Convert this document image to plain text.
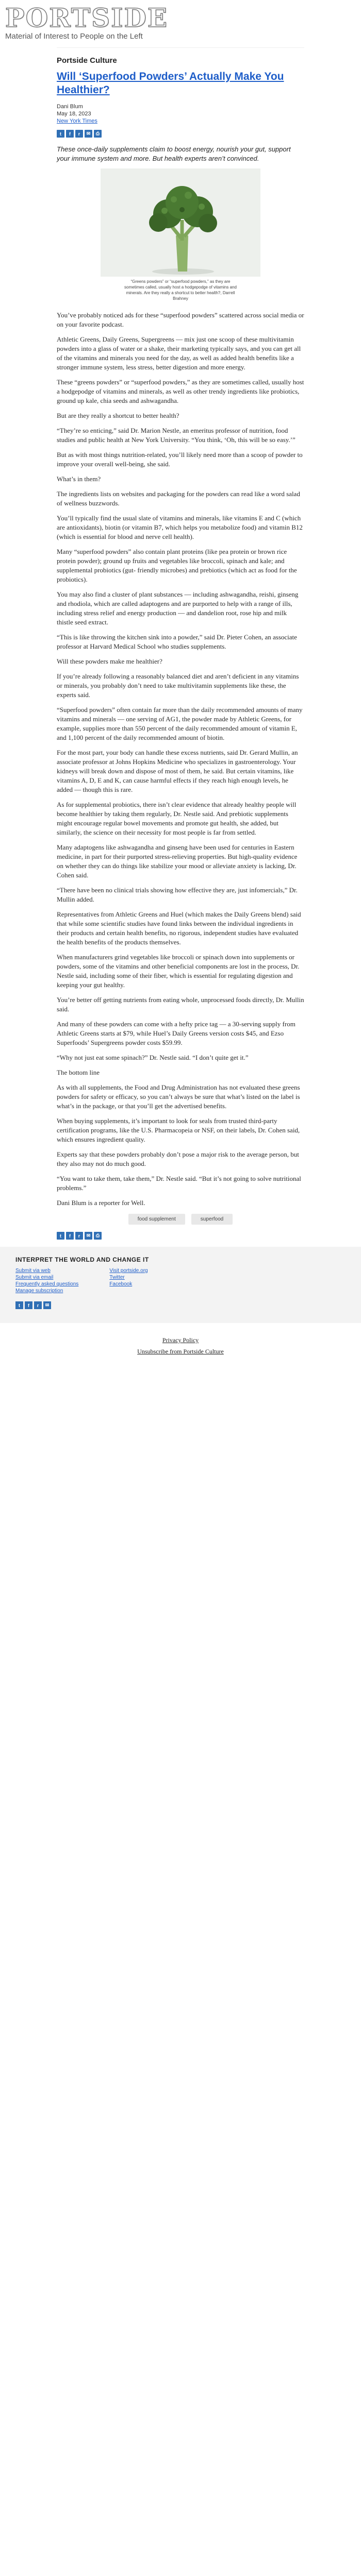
PORTSIDE
Material of Interest to People on the Left
Portside Culture
Will ‘Superfood Powders’ Actually Make You Healthier?
Dani Blum
May 18, 2023
New York Times
t	f	r	✉	⎙
These once-daily supplements claim to boost energy, nourish your gut, support your immune system and more. But health experts aren’t convinced.
“Greens powders” or “superfood powders,” as they are sometimes called, usually host a hodgepodge of vitamins and minerals. Are they really a shortcut to better health?, Darrell Brahney

You’ve probably noticed ads for these “superfood powders” scattered across social media or on your favorite podcast.

Athletic Greens, Daily Greens, Supergreens — mix just one scoop of these multivitamin powders into a glass of water or a shake, their marketing typically says, and you can get all of the vitamins and minerals you need for the day, as well as added health benefits like a stronger immune system, less stress, better digestion and more energy.

These “greens powders” or “superfood powders,” as they are sometimes called, usually host a hodgepodge of vitamins and minerals, as well as other trendy ingredients like probiotics, ground up kale, chia seeds and ashwagandha.

But are they really a shortcut to better health?

“They’re so enticing,” said Dr. Marion Nestle, an emeritus professor of nutrition, food studies and public health at New York University. “You think, ‘Oh, this will be so easy.’”

But as with most things nutrition-related, you’ll likely need more than a scoop of powder to improve your overall well-being, she said.

What’s in them?

The ingredients lists on websites and packaging for the powders can read like a word salad of wellness buzzwords.

You’ll typically find the usual slate of vitamins and minerals, like vitamins E and C (which are antioxidants), biotin (or vitamin B7, which helps you metabolize food) and vitamin B12 (which is essential for blood and nerve cell health).

Many “superfood powders” also contain plant proteins (like pea protein or brown rice protein powder); ground up fruits and vegetables like broccoli, spinach and kale; and supplemental probiotics (gut- friendly microbes) and prebiotics (which act as food for the probiotics).

You may also find a cluster of plant substances — including ashwagandha, reishi, ginseng and rhodiola, which are called adaptogens and are purported to help with a range of ills, including stress relief and energy production — and dandelion root, rose hip and milk thistle seed extract.

“This is like throwing the kitchen sink into a powder,” said Dr. Pieter Cohen, an associate professor at Harvard Medical School who studies supplements.

Will these powders make me healthier?

If you’re already following a reasonably balanced diet and aren’t deficient in any vitamins or minerals, you probably don’t need to take multivitamin supplements like these, the experts said.

“Superfood powders” often contain far more than the daily recommended amounts of many vitamins and minerals — one serving of AG1, the powder made by Athletic Greens, for example, supplies more than 550 percent of the daily recommended amount of vitamin E, and 1,100 percent of the daily recommended amount of biotin.

For the most part, your body can handle these excess nutrients, said Dr. Gerard Mullin, an associate professor at Johns Hopkins Medicine who specializes in gastroenterology. Your kidneys will break down and dispose of most of them, he said. But certain vitamins, like vitamins A, D, E and K, can cause harmful effects if they reach high enough levels, he added — though this is rare.

As for supplemental probiotics, there isn’t clear evidence that already healthy people will become healthier by taking them regularly, Dr. Nestle said. And prebiotic supplements might encourage regular bowel movements and promote gut health, she added, but similarly, the science on their necessity for most people is far from settled.

Many adaptogens like ashwagandha and ginseng have been used for centuries in Eastern medicine, in part for their purported stress-relieving properties. But high-quality evidence on whether they can do things like stabilize your mood or alleviate anxiety is lacking, Dr. Cohen said.

“There have been no clinical trials showing how effective they are, just infomercials,” Dr. Mullin added.

Representatives from Athletic Greens and Huel (which makes the Daily Greens blend) said that while some scientific studies have found links between the individual ingredients in their products and certain health benefits, no rigorous, independent studies have evaluated the health benefits of the products themselves.

When manufacturers grind vegetables like broccoli or spinach down into supplements or powders, some of the vitamins and other beneficial components are lost in the process, Dr. Nestle said, including some of their fiber, which is essential for regulating digestion and keeping your gut healthy.

You’re better off getting nutrients from eating whole, unprocessed foods directly, Dr. Mullin said.

And many of these powders can come with a hefty price tag — a 30-serving supply from Athletic Greens starts at $79, while Huel’s Daily Greens version costs $45, and Ezso Superfoods’ Supergreens powder costs $59.99.

“Why not just eat some spinach?” Dr. Nestle said. “I don’t quite get it.”

The bottom line

As with all supplements, the Food and Drug Administration has not evaluated these greens powders for safety or efficacy, so you can’t always be sure that what’s listed on the label is what’s in the package, or that you’ll get the advertised benefits.

When buying supplements, it’s important to look for seals from trusted third-party certification programs, like the U.S. Pharmacopeia or NSF, on their labels, Dr. Cohen said, which ensures ingredient quality.

Experts say that these powders probably don’t pose a major risk to the average person, but they also may not do much good.

“You want to take them, take them,” Dr. Nestle said. “But it’s not going to solve nutritional problems.”

Dani Blum is a reporter for Well.

food supplement	superfood
t	f	r	✉	⎙
INTERPRET THE WORLD AND CHANGE IT
Submit via web
Submit via email
Frequently asked questions
Manage subscription
Visit portside.org
Twitter
Facebook
t	f	r	✉
Privacy Policy
Unsubscribe from Portside Culture
